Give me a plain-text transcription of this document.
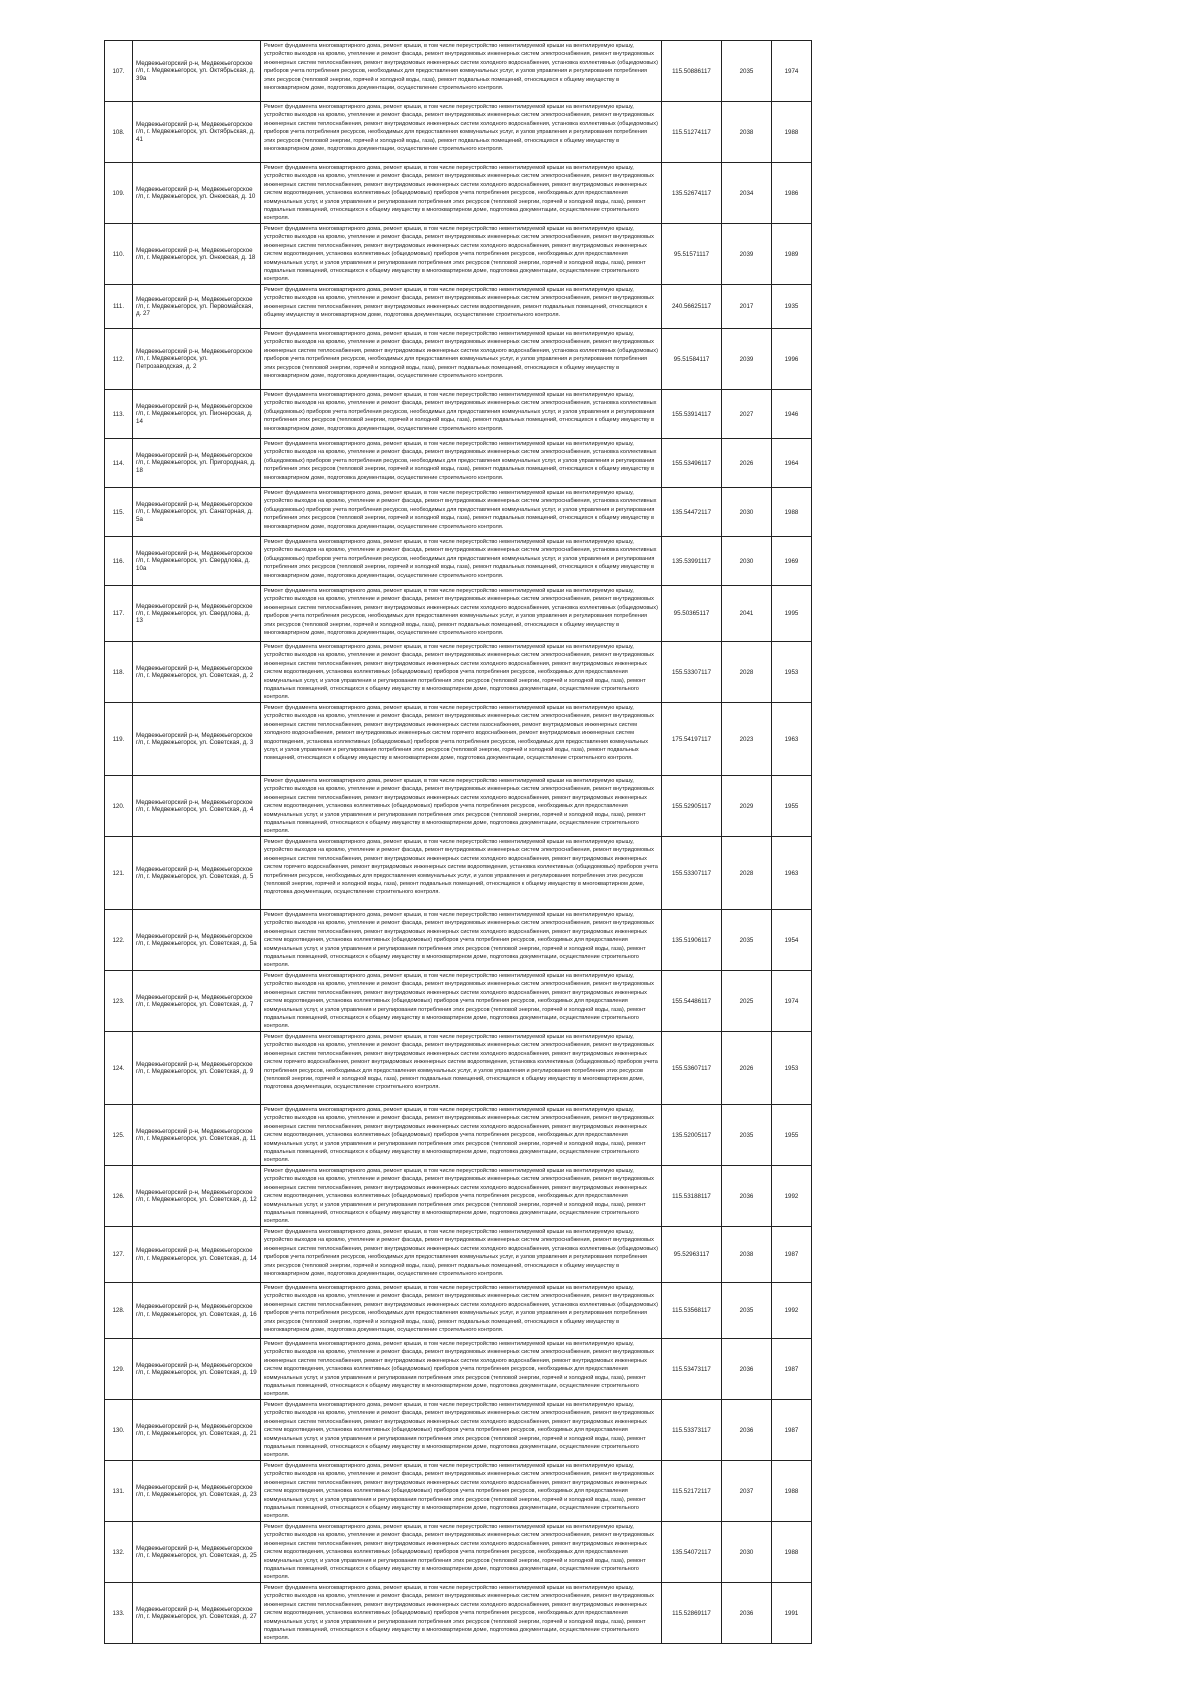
107.	Медвежьегорский р-н, Медвежьегорское г/п, г. Медвежьегорск, ул. Октябрьская, д. 39а	Ремонт фундамента многоквартирного дома, ремонт крыши, в том числе переустройство невентилируемой крыши на вентилируемую крышу, устройство выходов на кровлю, утепление и ремонт фасада, ремонт внутридомовых инженерных систем электроснабжения, ремонт внутридомовых инженерных систем теплоснабжения, ремонт внутридомовых инженерных систем холодного водоснабжения, установка коллективных (общедомовых) приборов учета потребления ресурсов, необходимых для предоставления коммунальных услуг, и узлов управления и регулирования потребления этих ресурсов (тепловой энергии, горячей и холодной воды, газа), ремонт подвальных помещений, относящихся к общему имуществу в многоквартирном доме, подготовка документации, осуществление строительного контроля.	115.50886117	2035	1974
108.	Медвежьегорский р-н, Медвежьегорское г/п, г. Медвежьегорск, ул. Октябрьская, д. 41	Ремонт фундамента многоквартирного дома, ремонт крыши, в том числе переустройство невентилируемой крыши на вентилируемую крышу, устройство выходов на кровлю, утепление и ремонт фасада, ремонт внутридомовых инженерных систем электроснабжения, ремонт внутридомовых инженерных систем теплоснабжения, ремонт внутридомовых инженерных систем холодного водоснабжения, установка коллективных (общедомовых) приборов учета потребления ресурсов, необходимых для предоставления коммунальных услуг, и узлов управления и регулирования потребления этих ресурсов (тепловой энергии, горячей и холодной воды, газа), ремонт подвальных помещений, относящихся к общему имуществу в многоквартирном доме, подготовка документации, осуществление строительного контроля.	115.51274117	2038	1988
109.	Медвежьегорский р-н, Медвежьегорское г/п, г. Медвежьегорск, ул. Онежская, д. 10	Ремонт фундамента многоквартирного дома, ремонт крыши, в том числе переустройство невентилируемой крыши на вентилируемую крышу, устройство выходов на кровлю, утепление и ремонт фасада, ремонт внутридомовых инженерных систем электроснабжения, ремонт внутридомовых инженерных систем теплоснабжения, ремонт внутридомовых инженерных систем холодного водоснабжения, ремонт внутридомовых инженерных систем водоотведения, установка коллективных (общедомовых) приборов учета потребления ресурсов, необходимых для предоставления коммунальных услуг, и узлов управления и регулирования потребления этих ресурсов (тепловой энергии, горячей и холодной воды, газа), ремонт подвальных помещений, относящихся к общему имуществу в многоквартирном доме, подготовка документации, осуществление строительного контроля.	135.52674117	2034	1986
110.	Медвежьегорский р-н, Медвежьегорское г/п, г. Медвежьегорск, ул. Онежская, д. 18	Ремонт фундамента многоквартирного дома, ремонт крыши, в том числе переустройство невентилируемой крыши на вентилируемую крышу, устройство выходов на кровлю, утепление и ремонт фасада, ремонт внутридомовых инженерных систем электроснабжения, ремонт внутридомовых инженерных систем теплоснабжения, ремонт внутридомовых инженерных систем холодного водоснабжения, ремонт внутридомовых инженерных систем водоотведения, установка коллективных (общедомовых) приборов учета потребления ресурсов, необходимых для предоставления коммунальных услуг, и узлов управления и регулирования потребления этих ресурсов (тепловой энергии, горячей и холодной воды, газа), ремонт подвальных помещений, относящихся к общему имуществу в многоквартирном доме, подготовка документации, осуществление строительного контроля.	95.51571117	2039	1989
111.	Медвежьегорский р-н, Медвежьегорское г/п, г. Медвежьегорск, ул. Первомайская, д. 27	Ремонт фундамента многоквартирного дома, ремонт крыши, в том числе переустройство невентилируемой крыши на вентилируемую крышу, устройство выходов на кровлю, утепление и ремонт фасада, ремонт внутридомовых инженерных систем электроснабжения, ремонт внутридомовых инженерных систем теплоснабжения, ремонт внутридомовых инженерных систем водоотведения, ремонт подвальных помещений, относящихся к общему имуществу в многоквартирном доме, подготовка документации, осуществление строительного контроля.	240.56625117	2017	1935
112.	Медвежьегорский р-н, Медвежьегорское г/п, г. Медвежьегорск, ул. Петрозаводская, д. 2	Ремонт фундамента многоквартирного дома, ремонт крыши, в том числе переустройство невентилируемой крыши на вентилируемую крышу, устройство выходов на кровлю, утепление и ремонт фасада, ремонт внутридомовых инженерных систем электроснабжения, ремонт внутридомовых инженерных систем теплоснабжения, ремонт внутридомовых инженерных систем холодного водоснабжения, установка коллективных (общедомовых) приборов учета потребления ресурсов, необходимых для предоставления коммунальных услуг, и узлов управления и регулирования потребления этих ресурсов (тепловой энергии, горячей и холодной воды, газа), ремонт подвальных помещений, относящихся к общему имуществу в многоквартирном доме, подготовка документации, осуществление строительного контроля.	95.51584117	2039	1996
113.	Медвежьегорский р-н, Медвежьегорское г/п, г. Медвежьегорск, ул. Пионерская, д. 14	Ремонт фундамента многоквартирного дома, ремонт крыши, в том числе переустройство невентилируемой крыши на вентилируемую крышу, устройство выходов на кровлю, утепление и ремонт фасада, ремонт внутридомовых инженерных систем электроснабжения, установка коллективных (общедомовых) приборов учета потребления ресурсов, необходимых для предоставления коммунальных услуг, и узлов управления и регулирования потребления этих ресурсов (тепловой энергии, горячей и холодной воды, газа), ремонт подвальных помещений, относящихся к общему имуществу в многоквартирном доме, подготовка документации, осуществление строительного контроля.	155.53914117	2027	1946
114.	Медвежьегорский р-н, Медвежьегорское г/п, г. Медвежьегорск, ул. Пригородная, д. 18	Ремонт фундамента многоквартирного дома, ремонт крыши, в том числе переустройство невентилируемой крыши на вентилируемую крышу, устройство выходов на кровлю, утепление и ремонт фасада, ремонт внутридомовых инженерных систем электроснабжения, установка коллективных (общедомовых) приборов учета потребления ресурсов, необходимых для предоставления коммунальных услуг, и узлов управления и регулирования потребления этих ресурсов (тепловой энергии, горячей и холодной воды, газа), ремонт подвальных помещений, относящихся к общему имуществу в многоквартирном доме, подготовка документации, осуществление строительного контроля.	155.53496117	2026	1964
115.	Медвежьегорский р-н, Медвежьегорское г/п, г. Медвежьегорск, ул. Санаторная, д. 5а	Ремонт фундамента многоквартирного дома, ремонт крыши, в том числе переустройство невентилируемой крыши на вентилируемую крышу, устройство выходов на кровлю, утепление и ремонт фасада, ремонт внутридомовых инженерных систем электроснабжения, установка коллективных (общедомовых) приборов учета потребления ресурсов, необходимых для предоставления коммунальных услуг, и узлов управления и регулирования потребления этих ресурсов (тепловой энергии, горячей и холодной воды, газа), ремонт подвальных помещений, относящихся к общему имуществу в многоквартирном доме, подготовка документации, осуществление строительного контроля.	135.54472117	2030	1988
116.	Медвежьегорский р-н, Медвежьегорское г/п, г. Медвежьегорск, ул. Свердлова, д. 10а	Ремонт фундамента многоквартирного дома, ремонт крыши, в том числе переустройство невентилируемой крыши на вентилируемую крышу, устройство выходов на кровлю, утепление и ремонт фасада, ремонт внутридомовых инженерных систем электроснабжения, установка коллективных (общедомовых) приборов учета потребления ресурсов, необходимых для предоставления коммунальных услуг, и узлов управления и регулирования потребления этих ресурсов (тепловой энергии, горячей и холодной воды, газа), ремонт подвальных помещений, относящихся к общему имуществу в многоквартирном доме, подготовка документации, осуществление строительного контроля.	135.53991117	2030	1969
117.	Медвежьегорский р-н, Медвежьегорское г/п, г. Медвежьегорск, ул. Свердлова, д. 13	Ремонт фундамента многоквартирного дома, ремонт крыши, в том числе переустройство невентилируемой крыши на вентилируемую крышу, устройство выходов на кровлю, утепление и ремонт фасада, ремонт внутридомовых инженерных систем электроснабжения, ремонт внутридомовых инженерных систем теплоснабжения, ремонт внутридомовых инженерных систем холодного водоснабжения, установка коллективных (общедомовых) приборов учета потребления ресурсов, необходимых для предоставления коммунальных услуг, и узлов управления и регулирования потребления этих ресурсов (тепловой энергии, горячей и холодной воды, газа), ремонт подвальных помещений, относящихся к общему имуществу в многоквартирном доме, подготовка документации, осуществление строительного контроля.	95.50365117	2041	1995
118.	Медвежьегорский р-н, Медвежьегорское г/п, г. Медвежьегорск, ул. Советская, д. 2	Ремонт фундамента многоквартирного дома, ремонт крыши, в том числе переустройство невентилируемой крыши на вентилируемую крышу, устройство выходов на кровлю, утепление и ремонт фасада, ремонт внутридомовых инженерных систем электроснабжения, ремонт внутридомовых инженерных систем теплоснабжения, ремонт внутридомовых инженерных систем холодного водоснабжения, ремонт внутридомовых инженерных систем водоотведения, установка коллективных (общедомовых) приборов учета потребления ресурсов, необходимых для предоставления коммунальных услуг, и узлов управления и регулирования потребления этих ресурсов (тепловой энергии, горячей и холодной воды, газа), ремонт подвальных помещений, относящихся к общему имуществу в многоквартирном доме, подготовка документации, осуществление строительного контроля.	155.53307117	2028	1953
119.	Медвежьегорский р-н, Медвежьегорское г/п, г. Медвежьегорск, ул. Советская, д. 3	Ремонт фундамента многоквартирного дома, ремонт крыши, в том числе переустройство невентилируемой крыши на вентилируемую крышу, устройство выходов на кровлю, утепление и ремонт фасада, ремонт внутридомовых инженерных систем электроснабжения, ремонт внутридомовых инженерных систем теплоснабжения, ремонт внутридомовых инженерных систем газоснабжения, ремонт внутридомовых инженерных систем холодного водоснабжения, ремонт внутридомовых инженерных систем горячего водоснабжения, ремонт внутридомовых инженерных систем водоотведения, установка коллективных (общедомовых) приборов учета потребления ресурсов, необходимых для предоставления коммунальных услуг, и узлов управления и регулирования потребления этих ресурсов (тепловой энергии, горячей и холодной воды, газа), ремонт подвальных помещений, относящихся к общему имуществу в многоквартирном доме, подготовка документации, осуществление строительного контроля.	175.54197117	2023	1963
120.	Медвежьегорский р-н, Медвежьегорское г/п, г. Медвежьегорск, ул. Советская, д. 4	Ремонт фундамента многоквартирного дома, ремонт крыши, в том числе переустройство невентилируемой крыши на вентилируемую крышу, устройство выходов на кровлю, утепление и ремонт фасада, ремонт внутридомовых инженерных систем электроснабжения, ремонт внутридомовых инженерных систем теплоснабжения, ремонт внутридомовых инженерных систем холодного водоснабжения, ремонт внутридомовых инженерных систем водоотведения, установка коллективных (общедомовых) приборов учета потребления ресурсов, необходимых для предоставления коммунальных услуг, и узлов управления и регулирования потребления этих ресурсов (тепловой энергии, горячей и холодной воды, газа), ремонт подвальных помещений, относящихся к общему имуществу в многоквартирном доме, подготовка документации, осуществление строительного контроля.	155.52905117	2029	1955
121.	Медвежьегорский р-н, Медвежьегорское г/п, г. Медвежьегорск, ул. Советская, д. 5	Ремонт фундамента многоквартирного дома, ремонт крыши, в том числе переустройство невентилируемой крыши на вентилируемую крышу, устройство выходов на кровлю, утепление и ремонт фасада, ремонт внутридомовых инженерных систем электроснабжения, ремонт внутридомовых инженерных систем теплоснабжения, ремонт внутридомовых инженерных систем холодного водоснабжения, ремонт внутридомовых инженерных систем горячего водоснабжения, ремонт внутридомовых инженерных систем водоотведения, установка коллективных (общедомовых) приборов учета потребления ресурсов, необходимых для предоставления коммунальных услуг, и узлов управления и регулирования потребления этих ресурсов (тепловой энергии, горячей и холодной воды, газа), ремонт подвальных помещений, относящихся к общему имуществу в многоквартирном доме, подготовка документации, осуществление строительного контроля.	155.53307117	2028	1963
122.	Медвежьегорский р-н, Медвежьегорское г/п, г. Медвежьегорск, ул. Советская, д. 5а	Ремонт фундамента многоквартирного дома, ремонт крыши, в том числе переустройство невентилируемой крыши на вентилируемую крышу, устройство выходов на кровлю, утепление и ремонт фасада, ремонт внутридомовых инженерных систем электроснабжения, ремонт внутридомовых инженерных систем теплоснабжения, ремонт внутридомовых инженерных систем холодного водоснабжения, ремонт внутридомовых инженерных систем водоотведения, установка коллективных (общедомовых) приборов учета потребления ресурсов, необходимых для предоставления коммунальных услуг, и узлов управления и регулирования потребления этих ресурсов (тепловой энергии, горячей и холодной воды, газа), ремонт подвальных помещений, относящихся к общему имуществу в многоквартирном доме, подготовка документации, осуществление строительного контроля.	135.51906117	2035	1954
123.	Медвежьегорский р-н, Медвежьегорское г/п, г. Медвежьегорск, ул. Советская, д. 7	Ремонт фундамента многоквартирного дома, ремонт крыши, в том числе переустройство невентилируемой крыши на вентилируемую крышу, устройство выходов на кровлю, утепление и ремонт фасада, ремонт внутридомовых инженерных систем электроснабжения, ремонт внутридомовых инженерных систем теплоснабжения, ремонт внутридомовых инженерных систем холодного водоснабжения, ремонт внутридомовых инженерных систем водоотведения, установка коллективных (общедомовых) приборов учета потребления ресурсов, необходимых для предоставления коммунальных услуг, и узлов управления и регулирования потребления этих ресурсов (тепловой энергии, горячей и холодной воды, газа), ремонт подвальных помещений, относящихся к общему имуществу в многоквартирном доме, подготовка документации, осуществление строительного контроля.	155.54486117	2025	1974
124.	Медвежьегорский р-н, Медвежьегорское г/п, г. Медвежьегорск, ул. Советская, д. 9	Ремонт фундамента многоквартирного дома, ремонт крыши, в том числе переустройство невентилируемой крыши на вентилируемую крышу, устройство выходов на кровлю, утепление и ремонт фасада, ремонт внутридомовых инженерных систем электроснабжения, ремонт внутридомовых инженерных систем теплоснабжения, ремонт внутридомовых инженерных систем холодного водоснабжения, ремонт внутридомовых инженерных систем горячего водоснабжения, ремонт внутридомовых инженерных систем водоотведения, установка коллективных (общедомовых) приборов учета потребления ресурсов, необходимых для предоставления коммунальных услуг, и узлов управления и регулирования потребления этих ресурсов (тепловой энергии, горячей и холодной воды, газа), ремонт подвальных помещений, относящихся к общему имуществу в многоквартирном доме, подготовка документации, осуществление строительного контроля.	155.53607117	2026	1953
125.	Медвежьегорский р-н, Медвежьегорское г/п, г. Медвежьегорск, ул. Советская, д. 11	Ремонт фундамента многоквартирного дома, ремонт крыши, в том числе переустройство невентилируемой крыши на вентилируемую крышу, устройство выходов на кровлю, утепление и ремонт фасада, ремонт внутридомовых инженерных систем электроснабжения, ремонт внутридомовых инженерных систем теплоснабжения, ремонт внутридомовых инженерных систем холодного водоснабжения, ремонт внутридомовых инженерных систем водоотведения, установка коллективных (общедомовых) приборов учета потребления ресурсов, необходимых для предоставления коммунальных услуг, и узлов управления и регулирования потребления этих ресурсов (тепловой энергии, горячей и холодной воды, газа), ремонт подвальных помещений, относящихся к общему имуществу в многоквартирном доме, подготовка документации, осуществление строительного контроля.	135.52005117	2035	1955
126.	Медвежьегорский р-н, Медвежьегорское г/п, г. Медвежьегорск, ул. Советская, д. 12	Ремонт фундамента многоквартирного дома, ремонт крыши, в том числе переустройство невентилируемой крыши на вентилируемую крышу, устройство выходов на кровлю, утепление и ремонт фасада, ремонт внутридомовых инженерных систем электроснабжения, ремонт внутридомовых инженерных систем теплоснабжения, ремонт внутридомовых инженерных систем холодного водоснабжения, ремонт внутридомовых инженерных систем водоотведения, установка коллективных (общедомовых) приборов учета потребления ресурсов, необходимых для предоставления коммунальных услуг, и узлов управления и регулирования потребления этих ресурсов (тепловой энергии, горячей и холодной воды, газа), ремонт подвальных помещений, относящихся к общему имуществу в многоквартирном доме, подготовка документации, осуществление строительного контроля.	115.53188117	2036	1992
127.	Медвежьегорский р-н, Медвежьегорское г/п, г. Медвежьегорск, ул. Советская, д. 14	Ремонт фундамента многоквартирного дома, ремонт крыши, в том числе переустройство невентилируемой крыши на вентилируемую крышу, устройство выходов на кровлю, утепление и ремонт фасада, ремонт внутридомовых инженерных систем электроснабжения, ремонт внутридомовых инженерных систем теплоснабжения, ремонт внутридомовых инженерных систем холодного водоснабжения, установка коллективных (общедомовых) приборов учета потребления ресурсов, необходимых для предоставления коммунальных услуг, и узлов управления и регулирования потребления этих ресурсов (тепловой энергии, горячей и холодной воды, газа), ремонт подвальных помещений, относящихся к общему имуществу в многоквартирном доме, подготовка документации, осуществление строительного контроля.	95.52963117	2038	1987
128.	Медвежьегорский р-н, Медвежьегорское г/п, г. Медвежьегорск, ул. Советская, д. 16	Ремонт фундамента многоквартирного дома, ремонт крыши, в том числе переустройство невентилируемой крыши на вентилируемую крышу, устройство выходов на кровлю, утепление и ремонт фасада, ремонт внутридомовых инженерных систем электроснабжения, ремонт внутридомовых инженерных систем теплоснабжения, ремонт внутридомовых инженерных систем холодного водоснабжения, установка коллективных (общедомовых) приборов учета потребления ресурсов, необходимых для предоставления коммунальных услуг, и узлов управления и регулирования потребления этих ресурсов (тепловой энергии, горячей и холодной воды, газа), ремонт подвальных помещений, относящихся к общему имуществу в многоквартирном доме, подготовка документации, осуществление строительного контроля.	115.53568117	2035	1992
129.	Медвежьегорский р-н, Медвежьегорское г/п, г. Медвежьегорск, ул. Советская, д. 19	Ремонт фундамента многоквартирного дома, ремонт крыши, в том числе переустройство невентилируемой крыши на вентилируемую крышу, устройство выходов на кровлю, утепление и ремонт фасада, ремонт внутридомовых инженерных систем электроснабжения, ремонт внутридомовых инженерных систем теплоснабжения, ремонт внутридомовых инженерных систем холодного водоснабжения, ремонт внутридомовых инженерных систем водоотведения, установка коллективных (общедомовых) приборов учета потребления ресурсов, необходимых для предоставления коммунальных услуг, и узлов управления и регулирования потребления этих ресурсов (тепловой энергии, горячей и холодной воды, газа), ремонт подвальных помещений, относящихся к общему имуществу в многоквартирном доме, подготовка документации, осуществление строительного контроля.	115.53473117	2036	1987
130.	Медвежьегорский р-н, Медвежьегорское г/п, г. Медвежьегорск, ул. Советская, д. 21	Ремонт фундамента многоквартирного дома, ремонт крыши, в том числе переустройство невентилируемой крыши на вентилируемую крышу, устройство выходов на кровлю, утепление и ремонт фасада, ремонт внутридомовых инженерных систем электроснабжения, ремонт внутридомовых инженерных систем теплоснабжения, ремонт внутридомовых инженерных систем холодного водоснабжения, ремонт внутридомовых инженерных систем водоотведения, установка коллективных (общедомовых) приборов учета потребления ресурсов, необходимых для предоставления коммунальных услуг, и узлов управления и регулирования потребления этих ресурсов (тепловой энергии, горячей и холодной воды, газа), ремонт подвальных помещений, относящихся к общему имуществу в многоквартирном доме, подготовка документации, осуществление строительного контроля.	115.53373117	2036	1987
131.	Медвежьегорский р-н, Медвежьегорское г/п, г. Медвежьегорск, ул. Советская, д. 23	Ремонт фундамента многоквартирного дома, ремонт крыши, в том числе переустройство невентилируемой крыши на вентилируемую крышу, устройство выходов на кровлю, утепление и ремонт фасада, ремонт внутридомовых инженерных систем электроснабжения, ремонт внутридомовых инженерных систем теплоснабжения, ремонт внутридомовых инженерных систем холодного водоснабжения, ремонт внутридомовых инженерных систем водоотведения, установка коллективных (общедомовых) приборов учета потребления ресурсов, необходимых для предоставления коммунальных услуг, и узлов управления и регулирования потребления этих ресурсов (тепловой энергии, горячей и холодной воды, газа), ремонт подвальных помещений, относящихся к общему имуществу в многоквартирном доме, подготовка документации, осуществление строительного контроля.	115.52172117	2037	1988
132.	Медвежьегорский р-н, Медвежьегорское г/п, г. Медвежьегорск, ул. Советская, д. 25	Ремонт фундамента многоквартирного дома, ремонт крыши, в том числе переустройство невентилируемой крыши на вентилируемую крышу, устройство выходов на кровлю, утепление и ремонт фасада, ремонт внутридомовых инженерных систем электроснабжения, ремонт внутридомовых инженерных систем теплоснабжения, ремонт внутридомовых инженерных систем холодного водоснабжения, ремонт внутридомовых инженерных систем водоотведения, установка коллективных (общедомовых) приборов учета потребления ресурсов, необходимых для предоставления коммунальных услуг, и узлов управления и регулирования потребления этих ресурсов (тепловой энергии, горячей и холодной воды, газа), ремонт подвальных помещений, относящихся к общему имуществу в многоквартирном доме, подготовка документации, осуществление строительного контроля.	135.54072117	2030	1988
133.	Медвежьегорский р-н, Медвежьегорское г/п, г. Медвежьегорск, ул. Советская, д. 27	Ремонт фундамента многоквартирного дома, ремонт крыши, в том числе переустройство невентилируемой крыши на вентилируемую крышу, устройство выходов на кровлю, утепление и ремонт фасада, ремонт внутридомовых инженерных систем электроснабжения, ремонт внутридомовых инженерных систем теплоснабжения, ремонт внутридомовых инженерных систем холодного водоснабжения, ремонт внутридомовых инженерных систем водоотведения, установка коллективных (общедомовых) приборов учета потребления ресурсов, необходимых для предоставления коммунальных услуг, и узлов управления и регулирования потребления этих ресурсов (тепловой энергии, горячей и холодной воды, газа), ремонт подвальных помещений, относящихся к общему имуществу в многоквартирном доме, подготовка документации, осуществление строительного контроля.	115.52869117	2036	1991
